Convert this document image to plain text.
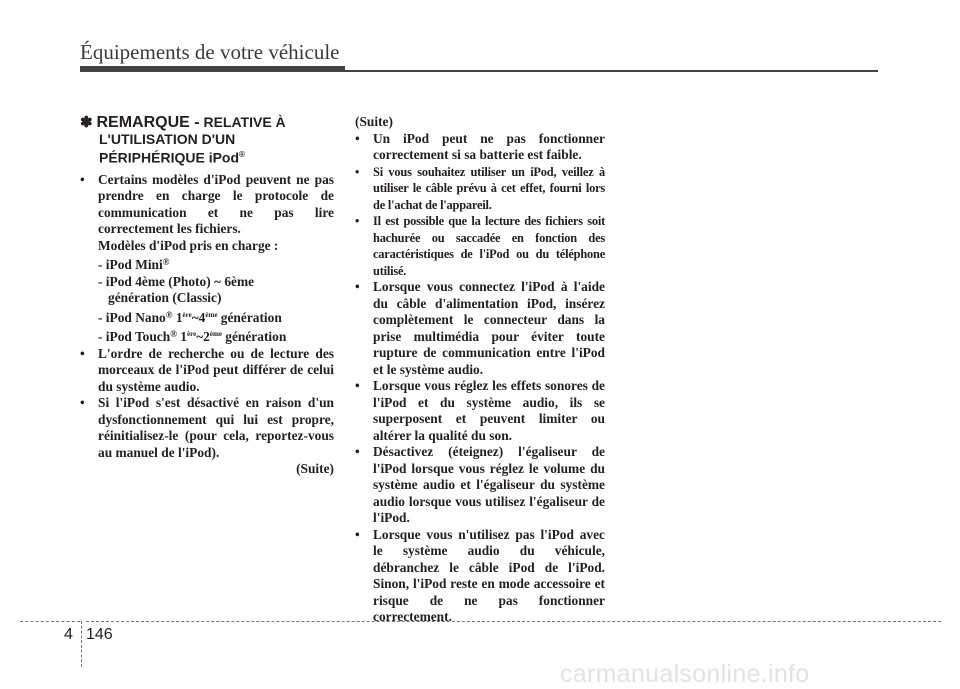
Équipements de votre véhicule
✽ REMARQUE - RELATIVE À
L'UTILISATION D'UN
PÉRIPHÉRIQUE iPod®

• Certains modèles d'iPod peuvent ne pas prendre en charge le protocole de communication et ne pas lire correctement les fichiers.

Modèles d'iPod pris en charge :

- iPod Mini®

- iPod 4ème (Photo) ~ 6ème
génération (Classic)

- iPod Nano® 1ère~4ème génération

- iPod Touch® 1ère~2ème génération

• L'ordre de recherche ou de lecture des morceaux de l'iPod peut différer de celui du système audio.

• Si l'iPod s'est désactivé en raison d'un dysfonctionnement qui lui est propre, réinitialisez-le (pour cela, reportez-vous au manuel de l'iPod).

(Suite)

(Suite)

• Un iPod peut ne pas fonctionner correctement si sa batterie est faible.

• Si vous souhaitez utiliser un iPod, veillez à utiliser le câble prévu à cet effet, fourni lors de l'achat de l'appareil.

• Il est possible que la lecture des fichiers soit hachurée ou saccadée en fonction des caractéristiques de l'iPod ou du téléphone utilisé.

• Lorsque vous connectez l'iPod à l'aide du câble d'alimentation iPod, insérez complètement le connecteur dans la prise multimédia pour éviter toute rupture de communication entre l'iPod et le système audio.

• Lorsque vous réglez les effets sonores de l'iPod et du système audio, ils se superposent et peuvent limiter ou altérer la qualité du son.

• Désactivez (éteignez) l'égaliseur de l'iPod lorsque vous réglez le volume du système audio et l'égaliseur du système audio lorsque vous utilisez l'égaliseur de l'iPod.

• Lorsque vous n'utilisez pas l'iPod avec le système audio du véhicule, débranchez le câble iPod de l'iPod. Sinon, l'iPod reste en mode accessoire et risque de ne pas fonctionner correctement.

4 146
carmanualsonline.info
